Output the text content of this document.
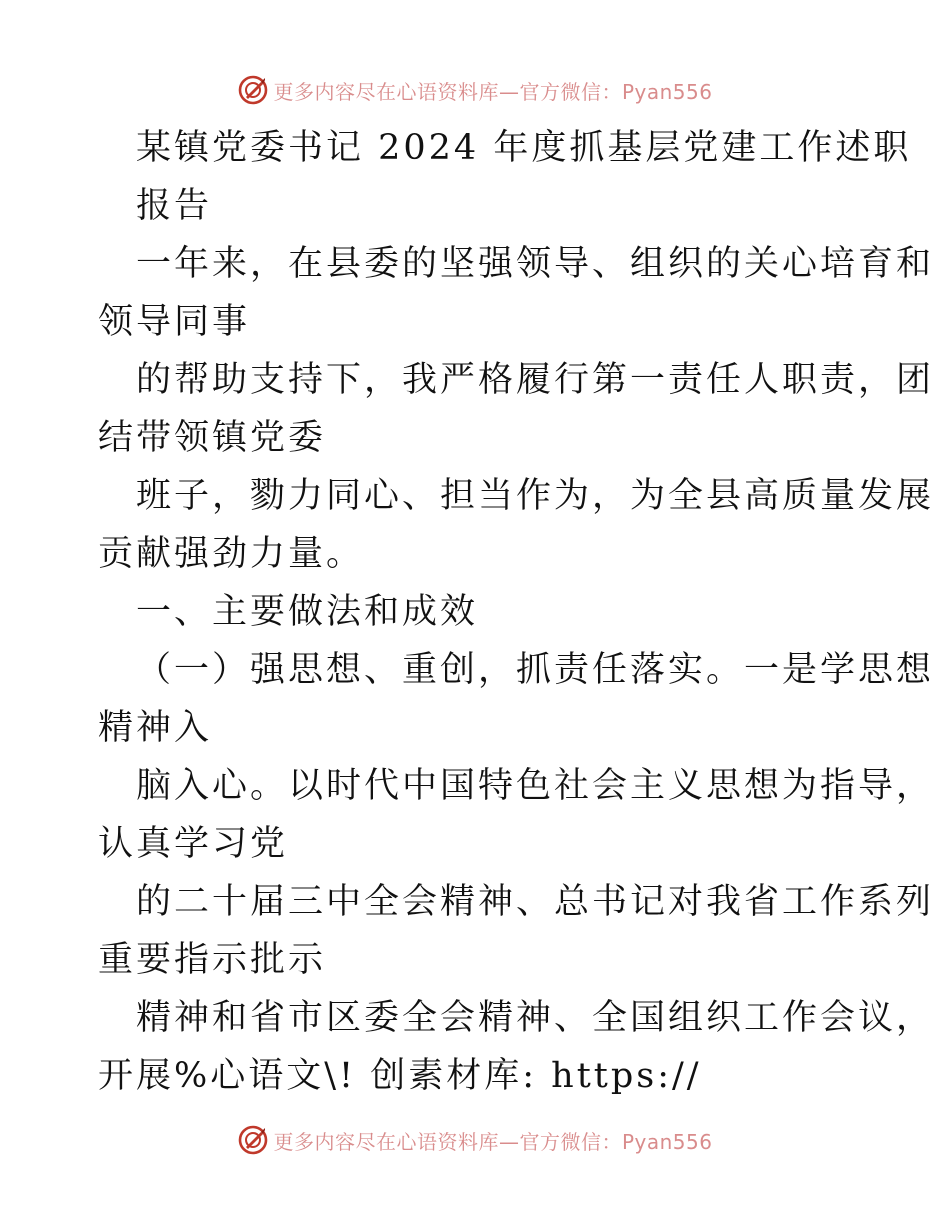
更多内容尽在心语资料库—官方微信：Pyan556
某镇党委书记 2024 年度抓基层党建工作述职
报告
一年来，在县委的坚强领导、组织的关心培育和
领导同事
的帮助支持下，我严格履行第一责任人职责，团
结带领镇党委
班子，勠力同心、担当作为，为全县高质量发展
贡献强劲力量。
一、主要做法和成效
（一）强思想、重创，抓责任落实。一是学思想
精神入
脑入心。以时代中国特色社会主义思想为指导，
认真学习党
的二十届三中全会精神、总书记对我省工作系列
重要指示批示
精神和省市区委全会精神、全国组织工作会议，
开展%心语文\! 创素材库: https://
更多内容尽在心语资料库—官方微信：Pyan556
